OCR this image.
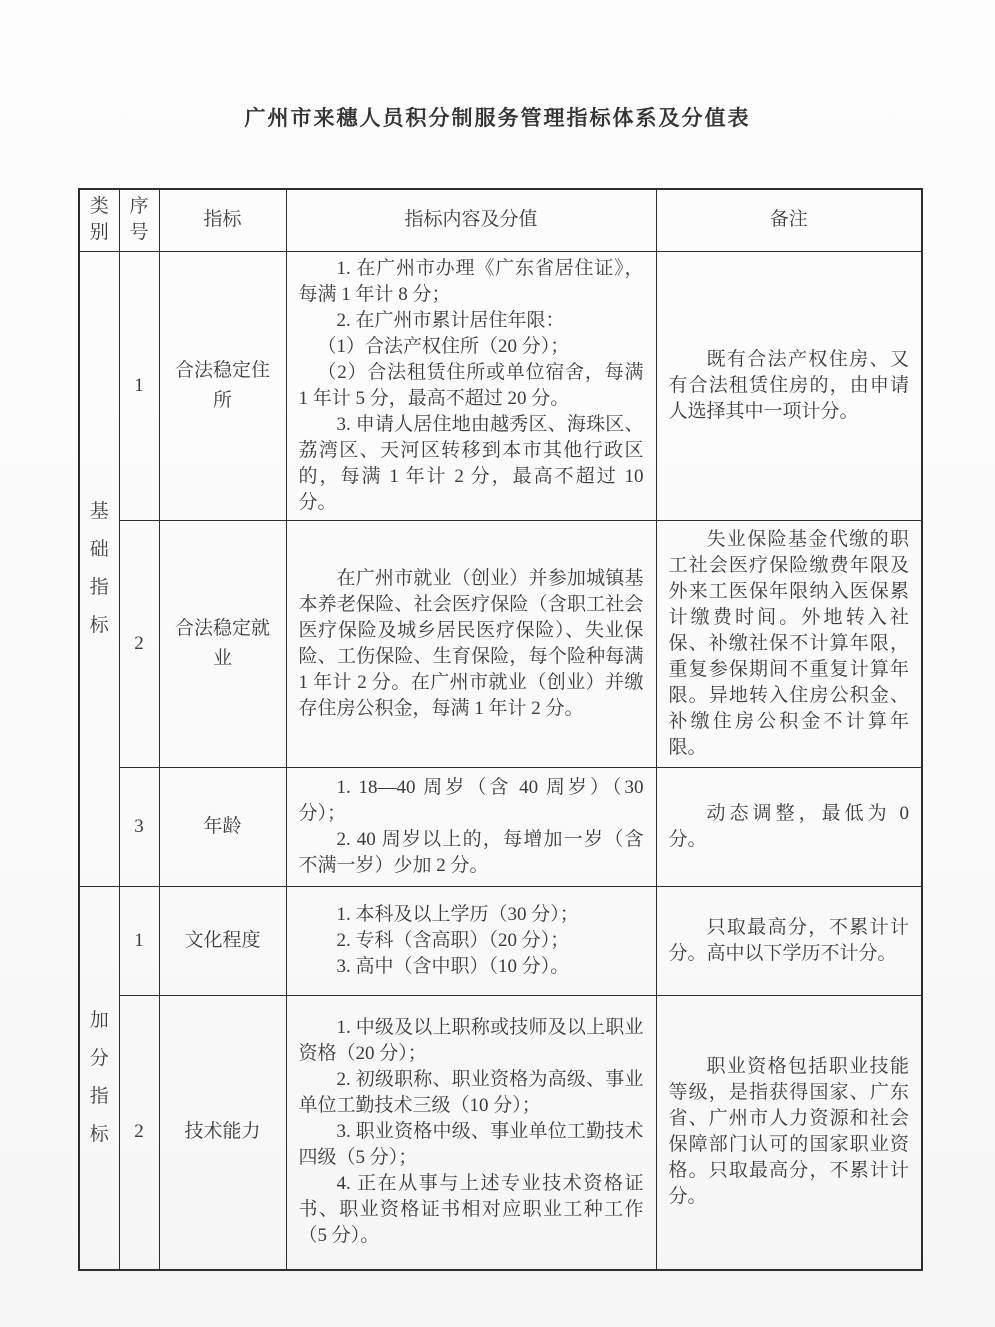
广州市来穗人员积分制服务管理指标体系及分值表
类别	序号	指标	指标内容及分值	备注

基础指标	1	合法稳定住所	1. 在广州市办理《广东省居住证》，每满 1 年计 8 分；

2. 在广州市累计居住年限：

（1）合法产权住所（20 分）；

（2）合法租赁住所或单位宿舍，每满 1 年计 5 分，最高不超过 20 分。

3. 申请人居住地由越秀区、海珠区、荔湾区、天河区转移到本市其他行政区的，每满 1 年计 2 分，最高不超过 10 分。	既有合法产权住房、又有合法租赁住房的，由申请人选择其中一项计分。

	2	合法稳定就业	在广州市就业（创业）并参加城镇基本养老保险、社会医疗保险（含职工社会医疗保险及城乡居民医疗保险）、失业保险、工伤保险、生育保险，每个险种每满 1 年计 2 分。在广州市就业（创业）并缴存住房公积金，每满 1 年计 2 分。	失业保险基金代缴的职工社会医疗保险缴费年限及外来工医保年限纳入医保累计缴费时间。外地转入社保、补缴社保不计算年限，重复参保期间不重复计算年限。异地转入住房公积金、补缴住房公积金不计算年限。

	3	年龄	1. 18—40 周岁（含 40 周岁）（30 分）；

2. 40 周岁以上的，每增加一岁（含不满一岁）少加 2 分。	动态调整，最低为 0 分。

加分指标	1	文化程度	1. 本科及以上学历（30 分）；

2. 专科（含高职）（20 分）；

3. 高中（含中职）（10 分）。	只取最高分，不累计计分。高中以下学历不计分。

	2	技术能力	1. 中级及以上职称或技师及以上职业资格（20 分）；

2. 初级职称、职业资格为高级、事业单位工勤技术三级（10 分）；

3. 职业资格中级、事业单位工勤技术四级（5 分）；

4. 正在从事与上述专业技术资格证书、职业资格证书相对应职业工种工作（5 分）。	职业资格包括职业技能等级，是指获得国家、广东省、广州市人力资源和社会保障部门认可的国家职业资格。只取最高分，不累计计分。
